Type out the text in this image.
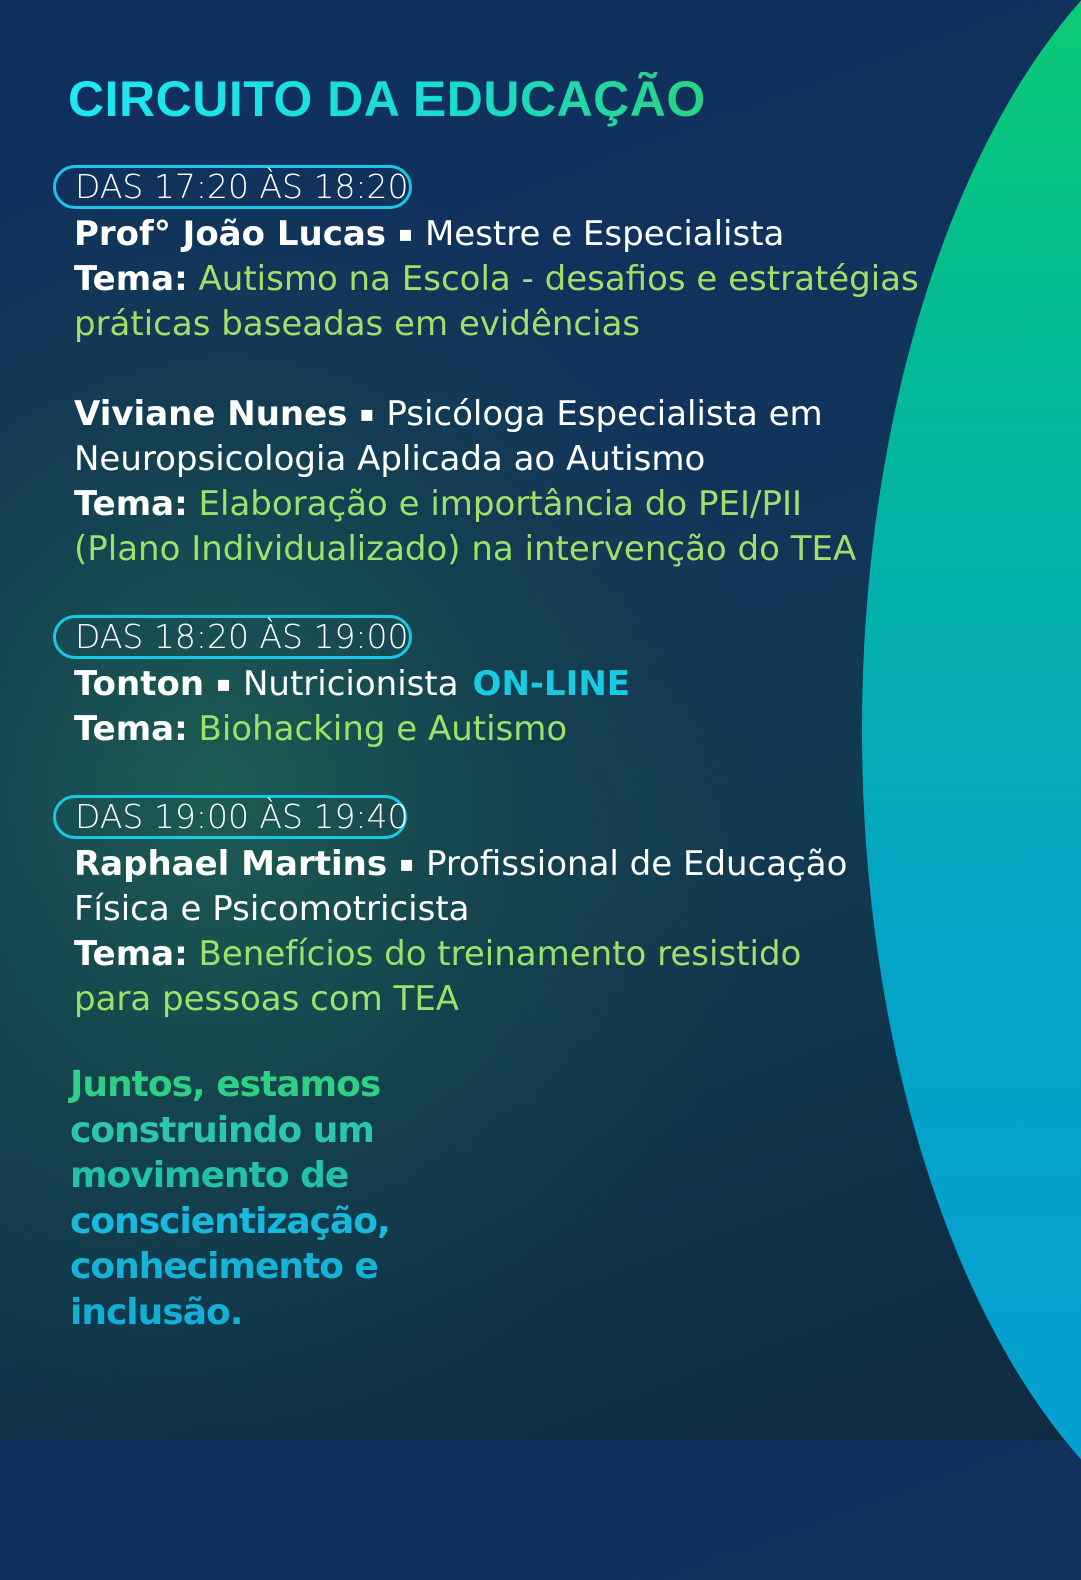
CIRCUITO DA EDUCAÇÃO
DAS 17:20 ÀS 18:20
Prof° João Lucas ▪ Mestre e Especialista
Tema: Autismo na Escola - desafios e estratégias
práticas baseadas em evidências
Viviane Nunes ▪ Psicóloga Especialista em
Neuropsicologia Aplicada ao Autismo
Tema: Elaboração e importância do PEI/PII
(Plano Individualizado) na intervenção do TEA
DAS 18:20 ÀS 19:00
Tonton ▪ Nutricionista ON-LINE
Tema: Biohacking e Autismo
DAS 19:00 ÀS 19:40
Raphael Martins ▪ Profissional de Educação
Física e Psicomotricista
Tema: Benefícios do treinamento resistido
para pessoas com TEA
Juntos, estamos
construindo um
movimento de
conscientização,
conhecimento e
inclusão.
